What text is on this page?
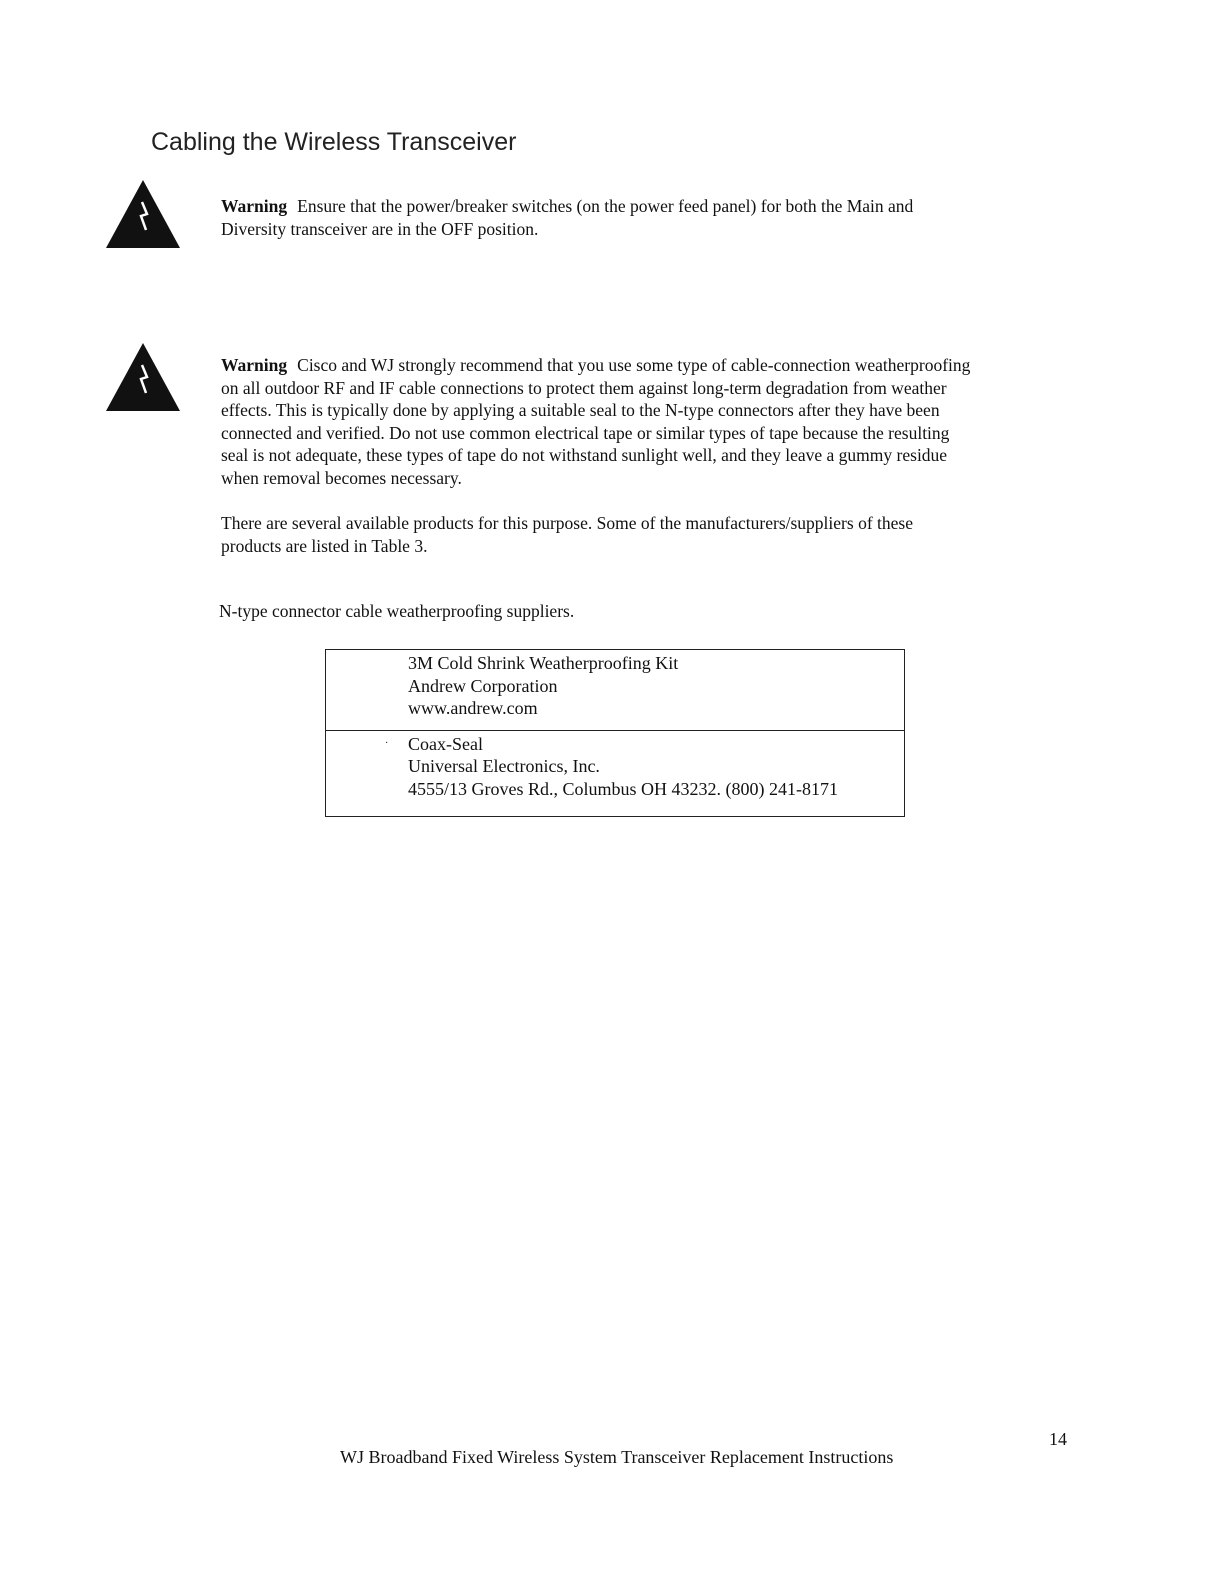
Cabling the Wireless Transceiver

Warning Ensure that the power/breaker switches (on the power feed panel) for both the Main and
Diversity transceiver are in the OFF position.

Warning Cisco and WJ strongly recommend that you use some type of cable-connection weatherproofing
on all outdoor RF and IF cable connections to protect them against long-term degradation from weather
effects. This is typically done by applying a suitable seal to the N-type connectors after they have been
connected and verified. Do not use common electrical tape or similar types of tape because the resulting
seal is not adequate, these types of tape do not withstand sunlight well, and they leave a gummy residue
when removal becomes necessary.

There are several available products for this purpose. Some of the manufacturers/suppliers of these
products are listed in Table 3.

N-type connector cable weatherproofing suppliers.

3M Cold Shrink Weatherproofing Kit
Andrew Corporation
www.andrew.com
· Coax-Seal
Universal Electronics, Inc.
4555/13 Groves Rd., Columbus OH 43232. (800) 241-8171
14
WJ Broadband Fixed Wireless System Transceiver Replacement Instructions
